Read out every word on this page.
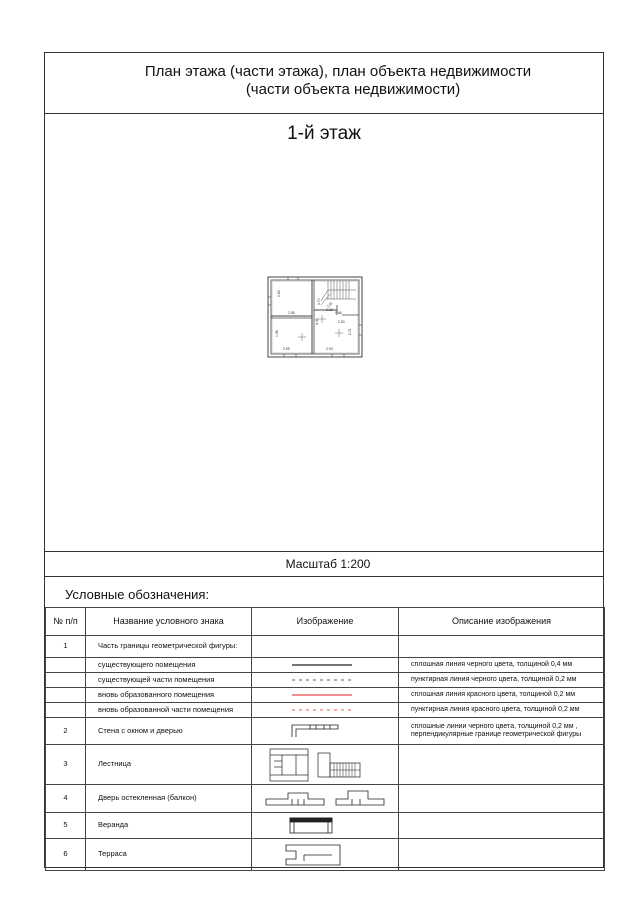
План этажа (части этажа), план объекта недвижимости
(части объекта недвижимости)
1-й этаж
2.82
2.55
1.96
2.55
3.70 2.02
0.86
2.32
2.71
2.50
2.93
4.46
Масштаб 1:200
Условные обозначения:
№ п/п	Название условного знака	Изображение	Описание изображения
1	Часть границы геометрической фигуры:		
	существующего помещения		сплошная линия черного цвета, толщиной 0,4 мм
	существующей части помещения		пунктирная линия черного цвета, толщиной 0,2 мм
	вновь образованного помещения		сплошная линия красного цвета, толщиной 0,2 мм
	вновь образованной части помещения		пунктирная линия красного цвета, толщиной 0,2 мм
2	Стена с окном и дверью		сплошные линии черного цвета, толщиной 0,2 мм , перпендикулярные границе геометрической фигуры
3	Лестница	

4	Дверь остекленная (балкон)	

5	Веранда	

6	Терраса	
